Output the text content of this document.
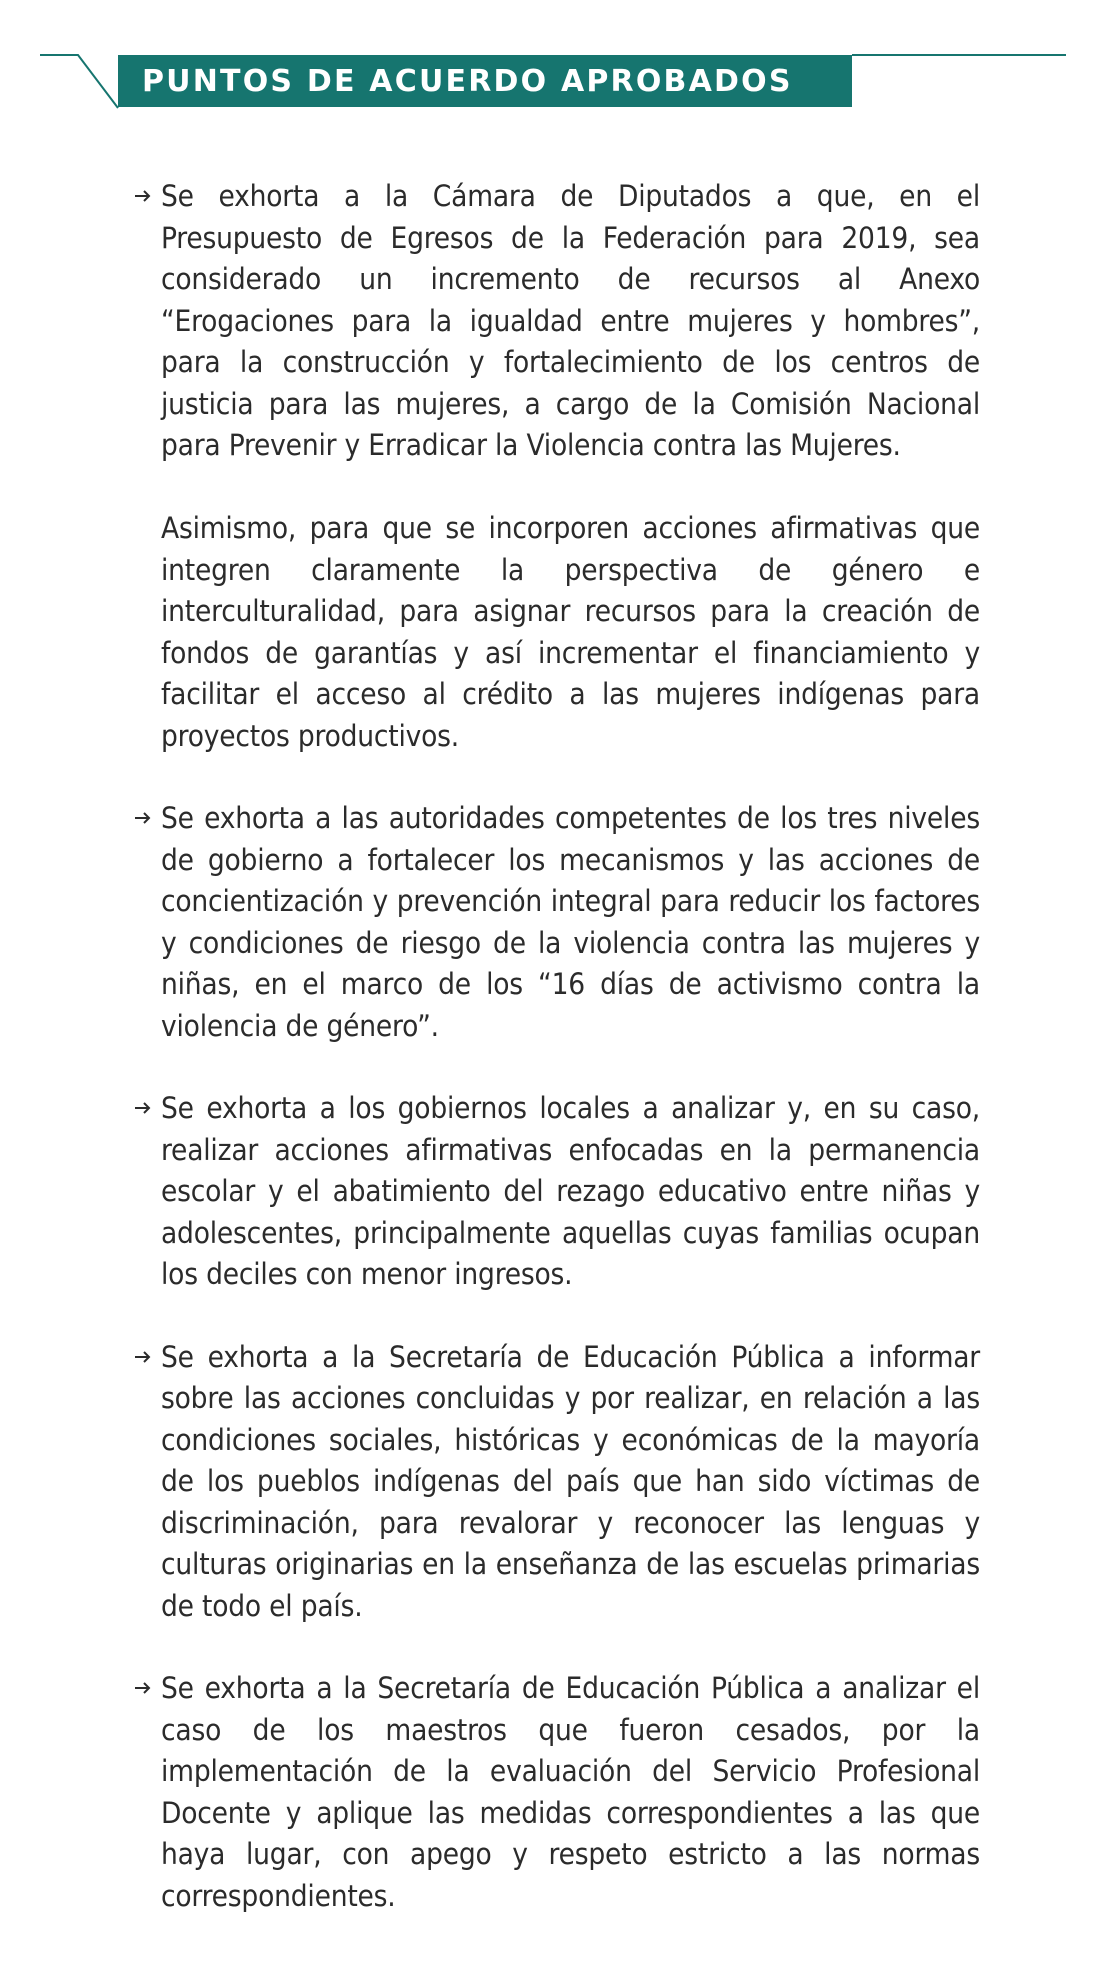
PUNTOS DE ACUERDO APROBADOS

Se exhorta a la Cámara de Diputados a que, en el Presupuesto de Egresos de la Federación para 2019, sea considerado un incremento de recursos al Anexo “Erogaciones para la igualdad entre mujeres y hombres”, para la construcción y fortalecimiento de los centros de justicia para las mujeres, a cargo de la Comisión Nacional para Prevenir y Erradicar la Violencia contra las Mujeres.

Asimismo, para que se incorporen acciones afirmativas que integren claramente la perspectiva de género e interculturalidad, para asignar recursos para la creación de fondos de garantías y así incrementar el financiamiento y facilitar el acceso al crédito a las mujeres indígenas para proyectos productivos.

Se exhorta a las autoridades competentes de los tres niveles de gobierno a fortalecer los mecanismos y las acciones de concientización y prevención integral para reducir los factores y condiciones de riesgo de la violencia contra las mujeres y niñas, en el marco de los “16 días de activismo contra la violencia de género”.

Se exhorta a los gobiernos locales a analizar y, en su caso, realizar acciones afirmativas enfocadas en la permanencia escolar y el abatimiento del rezago educativo entre niñas y adolescentes, principalmente aquellas cuyas familias ocupan los deciles con menor ingresos.

Se exhorta a la Secretaría de Educación Pública a informar sobre las acciones concluidas y por realizar, en relación a las condiciones sociales, históricas y económicas de la mayoría de los pueblos indígenas del país que han sido víctimas de discriminación, para revalorar y reconocer las lenguas y culturas originarias en la enseñanza de las escuelas primarias de todo el país.

Se exhorta a la Secretaría de Educación Pública a analizar el caso de los maestros que fueron cesados, por la implementación de la evaluación del Servicio Profesional Docente y aplique las medidas correspondientes a las que haya lugar, con apego y respeto estricto a las normas correspondientes.
